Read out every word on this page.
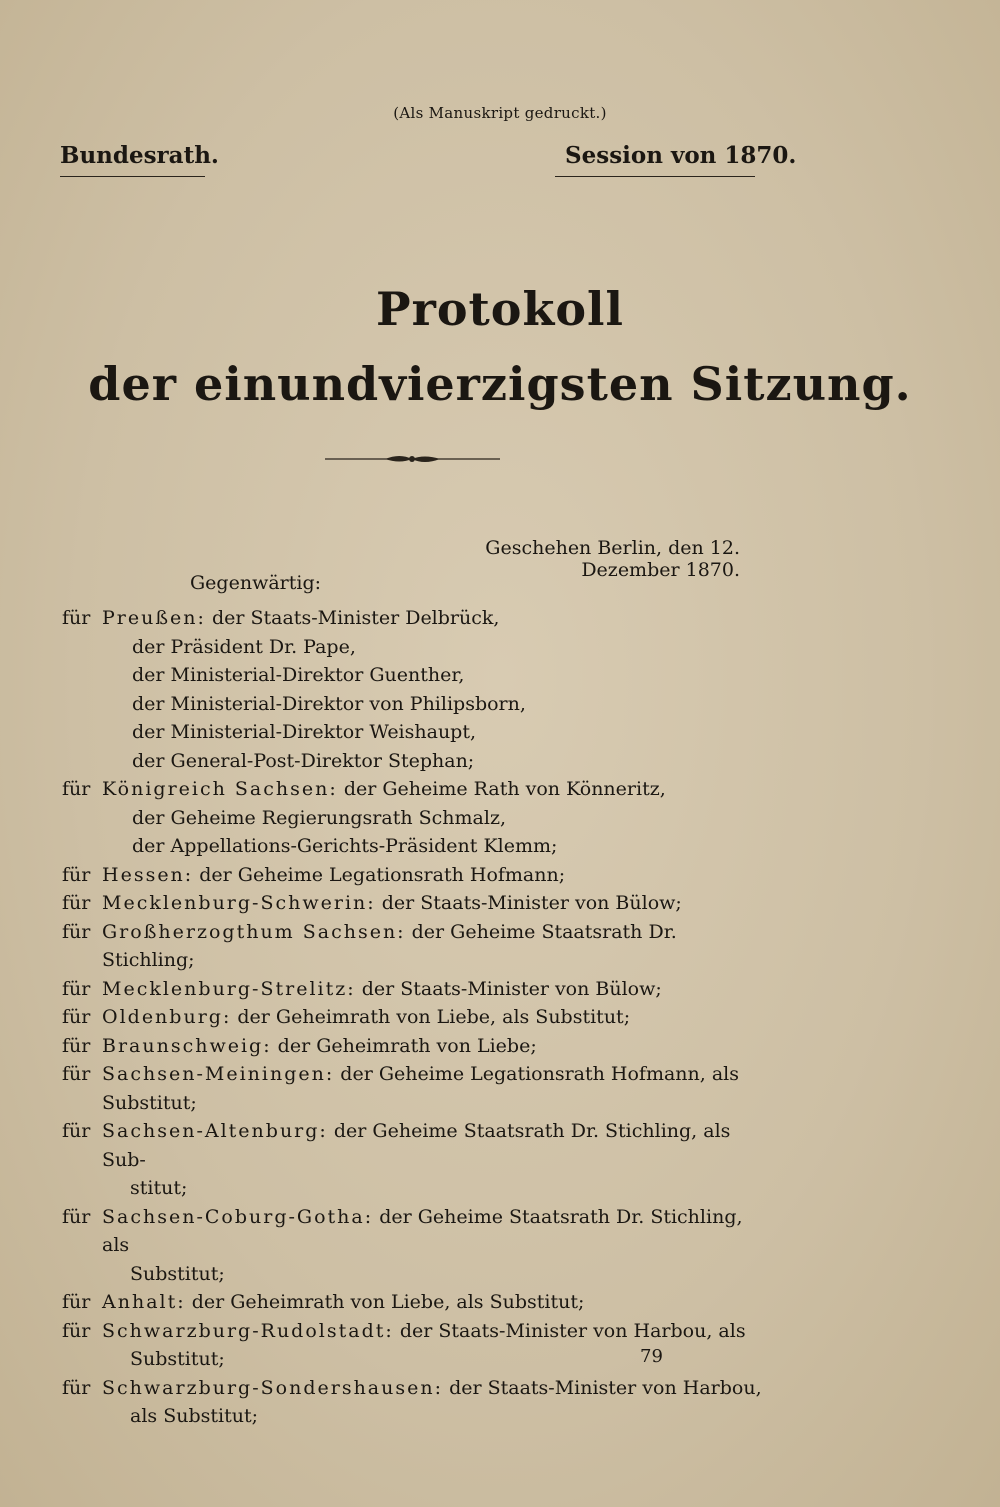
(Als Manuskript gedruckt.)
Bundesrath.	Session von 1870.
Protokoll
der einundvierzigsten Sitzung.
Geschehen Berlin, den 12. Dezember 1870.
Gegenwärtig:
für Preußen: der Staats-Minister Delbrück,
der Präsident Dr. Pape,
der Ministerial-Direktor Guenther,
der Ministerial-Direktor von Philipsborn,
der Ministerial-Direktor Weishaupt,
der General-Post-Direktor Stephan;
für Königreich Sachsen: der Geheime Rath von Könneritz,
der Geheime Regierungsrath Schmalz,
der Appellations-Gerichts-Präsident Klemm;
für Hessen: der Geheime Legationsrath Hofmann;
für Mecklenburg-Schwerin: der Staats-Minister von Bülow;
für Großherzogthum Sachsen: der Geheime Staatsrath Dr. Stichling;
für Mecklenburg-Strelitz: der Staats-Minister von Bülow;
für Oldenburg: der Geheimrath von Liebe, als Substitut;
für Braunschweig: der Geheimrath von Liebe;
für Sachsen-Meiningen: der Geheime Legationsrath Hofmann, als Substitut;
für Sachsen-Altenburg: der Geheime Staatsrath Dr. Stichling, als Sub-
stitut;
für Sachsen-Coburg-Gotha: der Geheime Staatsrath Dr. Stichling, als
Substitut;
für Anhalt: der Geheimrath von Liebe, als Substitut;
für Schwarzburg-Rudolstadt: der Staats-Minister von Harbou, als
Substitut;
für Schwarzburg-Sondershausen: der Staats-Minister von Harbou,
als Substitut;
79
